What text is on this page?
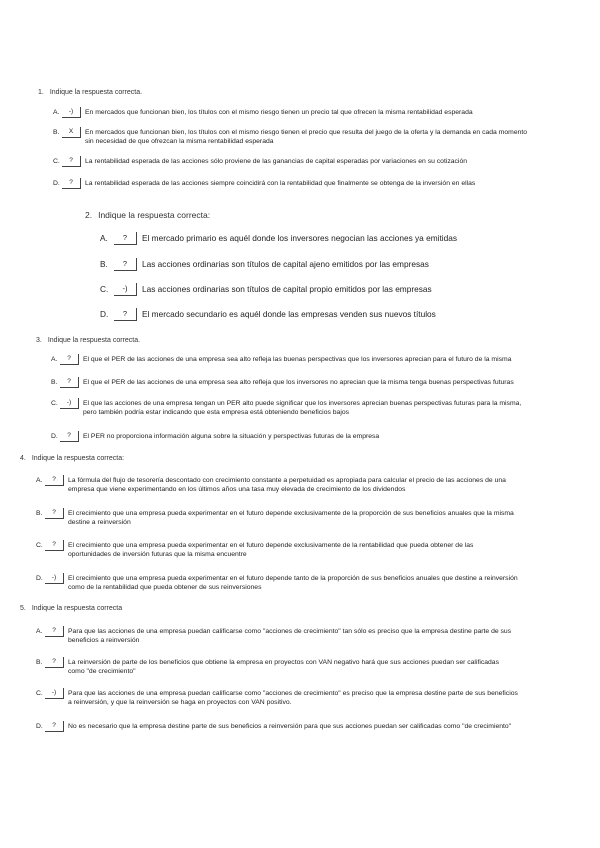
1. Indique la respuesta correcta.
A.	-)	En mercados que funcionan bien, los títulos con el mismo riesgo tienen un precio tal que ofrecen la misma rentabilidad esperada
B.	X	En mercados que funcionan bien, los títulos con el mismo riesgo tienen el precio que resulta del juego de la oferta y la demanda en cada momento
sin necesidad de que ofrezcan la misma rentabilidad esperada
C.	?	La rentabilidad esperada de las acciones sólo proviene de las ganancias de capital esperadas por variaciones en su cotización
D.	?	La rentabilidad esperada de las acciones siempre coincidirá con la rentabilidad que finalmente se obtenga de la inversión en ellas
2. Indique la respuesta correcta:
A.	?	El mercado primario es aquél donde los inversores negocian las acciones ya emitidas
B.	?	Las acciones ordinarias son títulos de capital ajeno emitidos por las empresas
C.	-)	Las acciones ordinarias son títulos de capital propio emitidos por las empresas
D.	?	El mercado secundario es aquél donde las empresas venden sus nuevos títulos
3. Indique la respuesta correcta.
A.	?	El que el PER de las acciones de una empresa sea alto refleja las buenas perspectivas que los inversores aprecian para el futuro de la misma
B.	?	El que el PER de las acciones de una empresa sea alto refleja que los inversores no aprecian que la misma tenga buenas perspectivas futuras
C.	-)	El que las acciones de una empresa tengan un PER alto puede significar que los inversores aprecian buenas perspectivas futuras para la misma,
pero también podría estar indicando que esta empresa está obteniendo beneficios bajos
D.	?	El PER no proporciona información alguna sobre la situación y perspectivas futuras de la empresa
4. Indique la respuesta correcta:
A.	?	La fórmula del flujo de tesorería descontado con crecimiento constante a perpetuidad es apropiada para calcular el precio de las acciones de una
empresa que viene experimentando en los últimos años una tasa muy elevada de crecimiento de los dividendos
B.	?	El crecimiento que una empresa pueda experimentar en el futuro depende exclusivamente de la proporción de sus beneficios anuales que la misma
destine a reinversión
C.	?	El crecimiento que una empresa pueda experimentar en el futuro depende exclusivamente de la rentabilidad que pueda obtener de las
oportunidades de inversión futuras que la misma encuentre
D.	-)	El crecimiento que una empresa pueda experimentar en el futuro depende tanto de la proporción de sus beneficios anuales que destine a reinversión
como de la rentabilidad que pueda obtener de sus reinversiones
5. Indique la respuesta correcta
A.	?	Para que las acciones de una empresa puedan calificarse como "acciones de crecimiento" tan sólo es preciso que la empresa destine parte de sus
beneficios a reinversión
B.	?	La reinversión de parte de los beneficios que obtiene la empresa en proyectos con VAN negativo hará que sus acciones puedan ser calificadas
como "de crecimiento"
C.	-)	Para que las acciones de una empresa puedan calificarse como "acciones de crecimiento" es preciso que la empresa destine parte de sus beneficios
a reinversión, y que la reinversión se haga en proyectos con VAN positivo.
D.	?	No es necesario que la empresa destine parte de sus beneficios a reinversión para que sus acciones puedan ser calificadas como "de crecimiento"
